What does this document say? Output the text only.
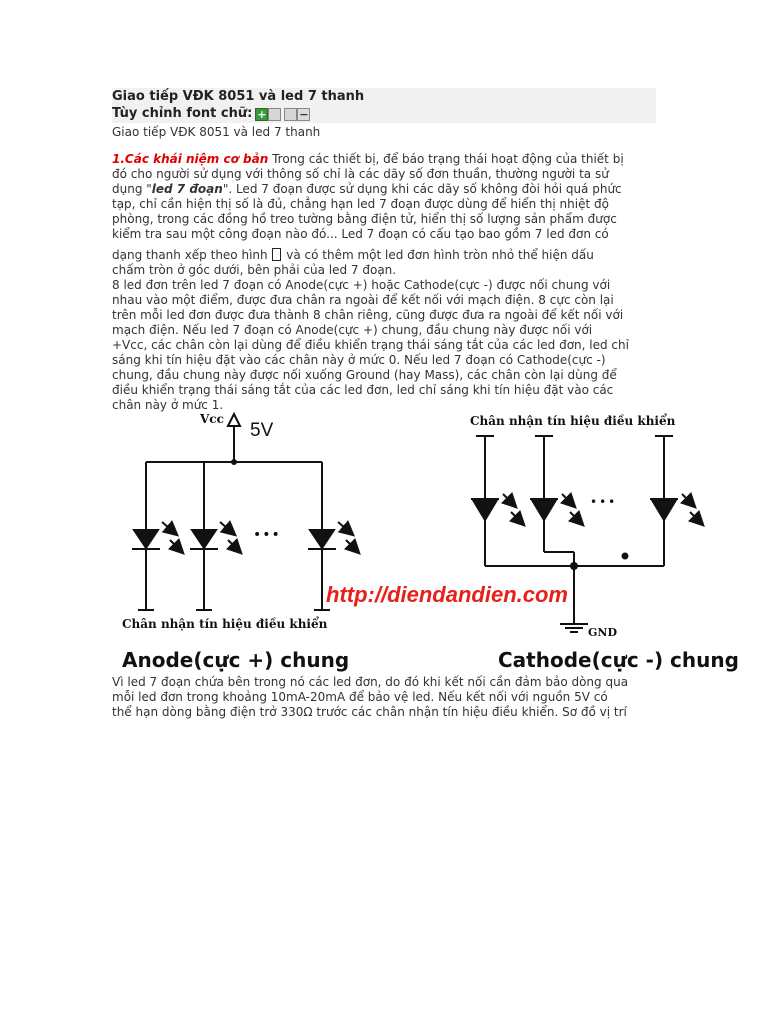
Giao tiếp VĐK 8051 và led 7 thanh
Tùy chỉnh font chữ: +	−
Giao tiếp VĐK 8051 và led 7 thanh
1.Các khái niệm cơ bản Trong các thiết bị, để báo trạng thái hoạt động của thiết bị
đó cho người sử dụng với thông số chỉ là các dãy số đơn thuần, thường người ta sử
dụng "led 7 đoạn". Led 7 đoạn được sử dụng khi các dãy số không đòi hỏi quá phức
tạp, chỉ cần hiện thị số là đủ, chẳng hạn led 7 đoạn được dùng để hiển thị nhiệt độ
phòng, trong các đồng hồ treo tường bằng điện tử, hiển thị số lượng sản phẩm được
kiểm tra sau một công đoạn nào đó... Led 7 đoạn có cấu tạo bao gồm 7 led đơn có
dạng thanh xếp theo hình  và có thêm một led đơn hình tròn nhỏ thể hiện dấu
chấm tròn ở góc dưới, bên phải của led 7 đoạn.
8 led đơn trên led 7 đoạn có Anode(cực +) hoặc Cathode(cực -) được nối chung với
nhau vào một điểm, được đưa chân ra ngoài để kết nối với mạch điện. 8 cực còn lại
trên mỗi led đơn được đưa thành 8 chân riêng, cũng được đưa ra ngoài để kết nối với
mạch điện. Nếu led 7 đoạn có Anode(cực +) chung, đầu chung này được nối với
+Vcc, các chân còn lại dùng để điều khiển trạng thái sáng tắt của các led đơn, led chỉ
sáng khi tín hiệu đặt vào các chân này ở mức 0. Nếu led 7 đoạn có Cathode(cực -)
chung, đầu chung này được nối xuống Ground (hay Mass), các chân còn lại dùng để
điều khiển trạng thái sáng tắt của các led đơn, led chỉ sáng khi tín hiệu đặt vào các
chân này ở mức 1.
Vcc
5V
•••
•••
Chân nhận tín hiệu điều khiển
Chân nhận tín hiệu điều khiển
http://diendandien.com
GND
Anode(cực +) chung	Cathode(cực -) chung
Vì led 7 đoạn chứa bên trong nó các led đơn, do đó khi kết nối cần đảm bảo dòng qua
mỗi led đơn trong khoảng 10mA-20mA để bảo vệ led. Nếu kết nối với nguồn 5V có
thể hạn dòng bằng điện trở 330Ω trước các chân nhận tín hiệu điều khiển. Sơ đồ vị trí
